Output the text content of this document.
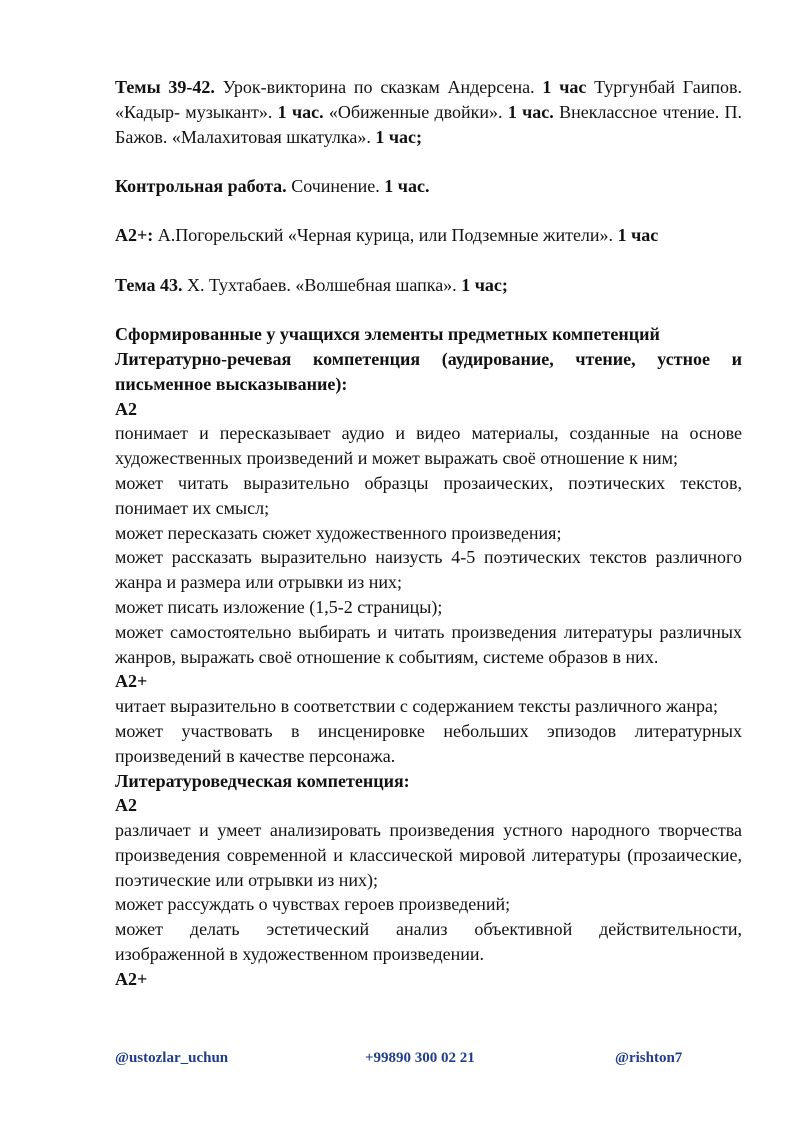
Темы 39-42. Урок-викторина по сказкам Андерсена. 1 час Тургунбай Гаипов. «Кадыр- музыкант». 1 час. «Обиженные двойки». 1 час. Внеклассное чтение. П. Бажов. «Малахитовая шкатулка». 1 час;

Контрольная работа. Сочинение. 1 час.

A2+: А.Погорельский «Черная курица, или Подземные жители». 1 час

Тема 43. Х. Тухтабаев. «Волшебная шапка». 1 час;

Сформированные у учащихся элементы предметных компетенций

Литературно-речевая компетенция (аудирование, чтение, устное и письменное высказывание):

A2

понимает и пересказывает аудио и видео материалы, созданные на основе художественных произведений и может выражать своё отношение к ним;

может читать выразительно образцы прозаических, поэтических текстов, понимает их смысл;

может пересказать сюжет художественного произведения;

может рассказать выразительно наизусть 4-5 поэтических текстов различного жанра и размера или отрывки из них;

может писать изложение (1,5-2 страницы);

может самостоятельно выбирать и читать произведения литературы различных жанров, выражать своё отношение к событиям, системе образов в них.

A2+

читает выразительно в соответствии с содержанием тексты различного жанра;

может участвовать в инсценировке небольших эпизодов литературных произведений в качестве персонажа.

Литературоведческая компетенция:

A2

различает и умеет анализировать произведения устного народного творчества произведения современной и классической мировой литературы (прозаические, поэтические или отрывки из них);

может рассуждать о чувствах героев произведений;

может делать эстетический анализ объективной действительности, изображенной в художественном произведении.

A2+

@ustozlar_uchun	+99890 300 02 21	@rishton7
